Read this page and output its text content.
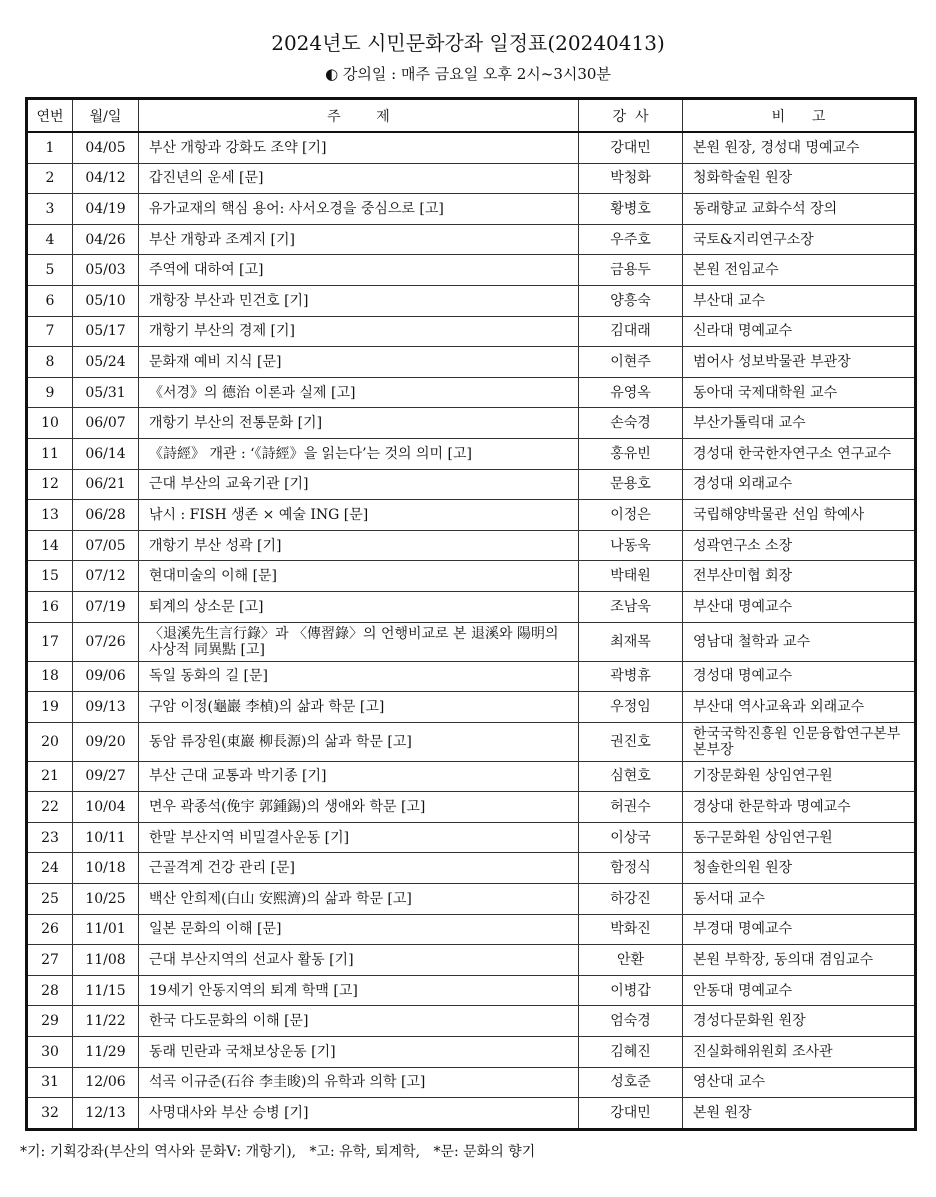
2024년도 시민문화강좌 일정표(20240413)
◐ 강의일 : 매주 금요일 오후 2시~3시30분
연번	월/일	주        제	강  사	비      고
1	04/05	부산 개항과 강화도 조약 [기]	강대민	본원 원장, 경성대 명예교수
2	04/12	갑진년의 운세 [문]	박청화	청화학술원 원장
3	04/19	유가교재의 핵심 용어: 사서오경을 중심으로 [고]	황병호	동래향교 교화수석 장의
4	04/26	부산 개항과 조계지 [기]	우주호	국토&지리연구소장
5	05/03	주역에 대하여 [고]	금용두	본원 전임교수
6	05/10	개항장 부산과 민건호 [기]	양흥숙	부산대 교수
7	05/17	개항기 부산의 경제 [기]	김대래	신라대 명예교수
8	05/24	문화재 예비 지식 [문]	이현주	범어사 성보박물관 부관장
9	05/31	《서경》의 德治 이론과 실제 [고]	유영옥	동아대 국제대학원 교수
10	06/07	개항기 부산의 전통문화 [기]	손숙경	부산가톨릭대 교수
11	06/14	《詩經》 개관 : ‘《詩經》을 읽는다’는 것의 의미 [고]	홍유빈	경성대 한국한자연구소 연구교수
12	06/21	근대 부산의 교육기관 [기]	문용호	경성대 외래교수
13	06/28	낚시 : FISH 생존 × 예술 ING [문]	이정은	국립해양박물관 선임 학예사
14	07/05	개항기 부산 성곽 [기]	나동욱	성곽연구소 소장
15	07/12	현대미술의 이해 [문]	박태원	전부산미협 회장
16	07/19	퇴계의 상소문 [고]	조남욱	부산대 명예교수
17	07/26	〈退溪先生言行錄〉과 〈傳習錄〉의 언행비교로 본 退溪와 陽明의 사상적 同異點 [고]	최재목	영남대 철학과 교수
18	09/06	독일 동화의 길 [문]	곽병휴	경성대 명예교수
19	09/13	구암 이정(龜巖 李楨)의 삶과 학문 [고]	우정임	부산대 역사교육과 외래교수
20	09/20	동암 류장원(東巖 柳長源)의 삶과 학문 [고]	권진호	한국국학진흥원 인문융합연구본부 본부장
21	09/27	부산 근대 교통과 박기종 [기]	심현호	기장문화원 상임연구원
22	10/04	면우 곽종석(俛宇 郭鍾錫)의 생애와 학문 [고]	허권수	경상대 한문학과 명예교수
23	10/11	한말 부산지역 비밀결사운동 [기]	이상국	동구문화원 상임연구원
24	10/18	근골격계 건강 관리 [문]	함정식	청솔한의원 원장
25	10/25	백산 안희제(白山 安熙濟)의 삶과 학문 [고]	하강진	동서대 교수
26	11/01	일본 문화의 이해 [문]	박화진	부경대 명예교수
27	11/08	근대 부산지역의 선교사 활동 [기]	안환	본원 부학장, 동의대 겸임교수
28	11/15	19세기 안동지역의 퇴계 학맥 [고]	이병갑	안동대 명예교수
29	11/22	한국 다도문화의 이해 [문]	엄숙경	경성다문화원 원장
30	11/29	동래 민란과 국채보상운동 [기]	김혜진	진실화해위원회 조사관
31	12/06	석곡 이규준(石谷 李圭晙)의 유학과 의학 [고]	성호준	영산대 교수
32	12/13	사명대사와 부산 승병 [기]	강대민	본원 원장
*기: 기획강좌(부산의 역사와 문화Ⅴ: 개항기),   *고: 유학, 퇴계학,   *문: 문화의 향기
